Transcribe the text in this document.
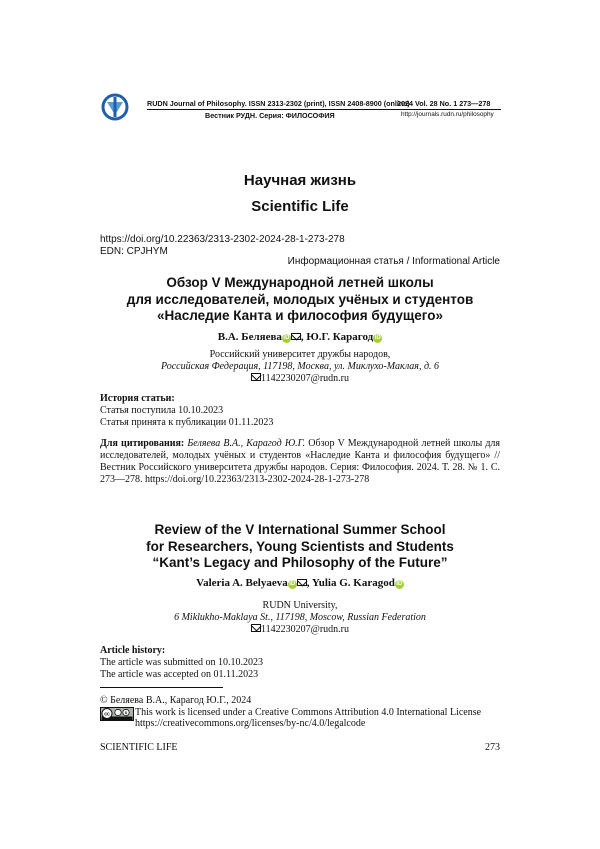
RUDN Journal of Philosophy. ISSN 2313-2302 (print), ISSN 2408-8900 (online)
Вестник РУДН. Серия: ФИЛОСОФИЯ
2024 Vol. 28 No. 1 273—278
http://journals.rudn.ru/philosophy
Научная жизнь
Scientific Life
https://doi.org/10.22363/2313-2302-2024-28-1-273-278
EDN: CPJHYM
Информационная статья / Informational Article
Обзор V Международной летней школы
для исследователей, молодых учёных и студентов
«Наследие Канта и философия будущего»
В.А. Беляева iD , Ю.Г. Карагод iD
Российский университет дружбы народов,
Российская Федерация, 117198, Москва, ул. Миклухо-Маклая, д. 6
1142230207@rudn.ru
История статьи:
Статья поступила 10.10.2023
Статья принята к публикации 01.11.2023
Для цитирования: Беляева В.А., Карагод Ю.Г. Обзор V Международной летней школы для исследователей, молодых учёных и студентов «Наследие Канта и философия будущего» // Вестник Российского университета дружбы народов. Серия: Философия. 2024. Т. 28. № 1. С. 273—278. https://doi.org/10.22363/2313-2302-2024-28-1-273-278
Review of the V International Summer School
for Researchers, Young Scientists and Students
“Kant’s Legacy and Philosophy of the Future”
Valeria A. Belyaeva iD , Yulia G. Karagod iD
RUDN University,
6 Miklukho-Maklaya St., 117198, Moscow, Russian Federation
1142230207@rudn.ru
Article history:
The article was submitted on 10.10.2023
The article was accepted on 01.11.2023
© Беляева В.А., Карагод Ю.Г., 2024
cc	$ This work is licensed under a Creative Commons Attribution 4.0 International License
https://creativecommons.org/licenses/by-nc/4.0/legalcode
SCIENTIFIC LIFE	273
